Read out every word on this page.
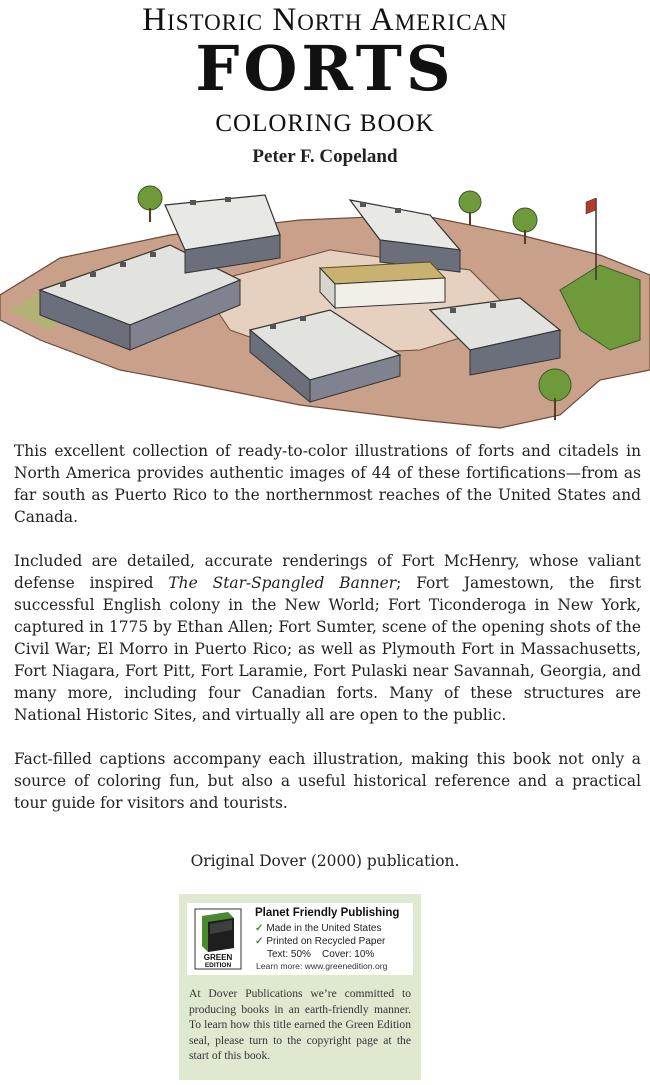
Historic North American
FORTS
COLORING BOOK
Peter F. Copeland

This excellent collection of ready-to-color illustrations of forts and citadels in North America provides authentic images of 44 of these fortifications—from as far south as Puerto Rico to the northernmost reaches of the United States and Canada.

Included are detailed, accurate renderings of Fort McHenry, whose valiant defense inspired The Star-Spangled Banner; Fort Jamestown, the first successful English colony in the New World; Fort Ticonderoga in New York, captured in 1775 by Ethan Allen; Fort Sumter, scene of the opening shots of the Civil War; El Morro in Puerto Rico; as well as Plymouth Fort in Massachusetts, Fort Niagara, Fort Pitt, Fort Laramie, Fort Pulaski near Savannah, Georgia, and many more, including four Canadian forts. Many of these structures are National Historic Sites, and virtually all are open to the public.

Fact-filled captions accompany each illustration, making this book not only a source of coloring fun, but also a useful historical reference and a practical tour guide for visitors and tourists.

Original Dover (2000) publication.
GREEN
EDITION
Planet Friendly Publishing
✓ Made in the United States
✓ Printed on Recycled Paper
Text: 50% Cover: 10%
Learn more: www.greenedition.org
At Dover Publications we’re committed to producing books in an earth-friendly manner. To learn how this title earned the Green Edition seal, please turn to the copyright page at the start of this book.
